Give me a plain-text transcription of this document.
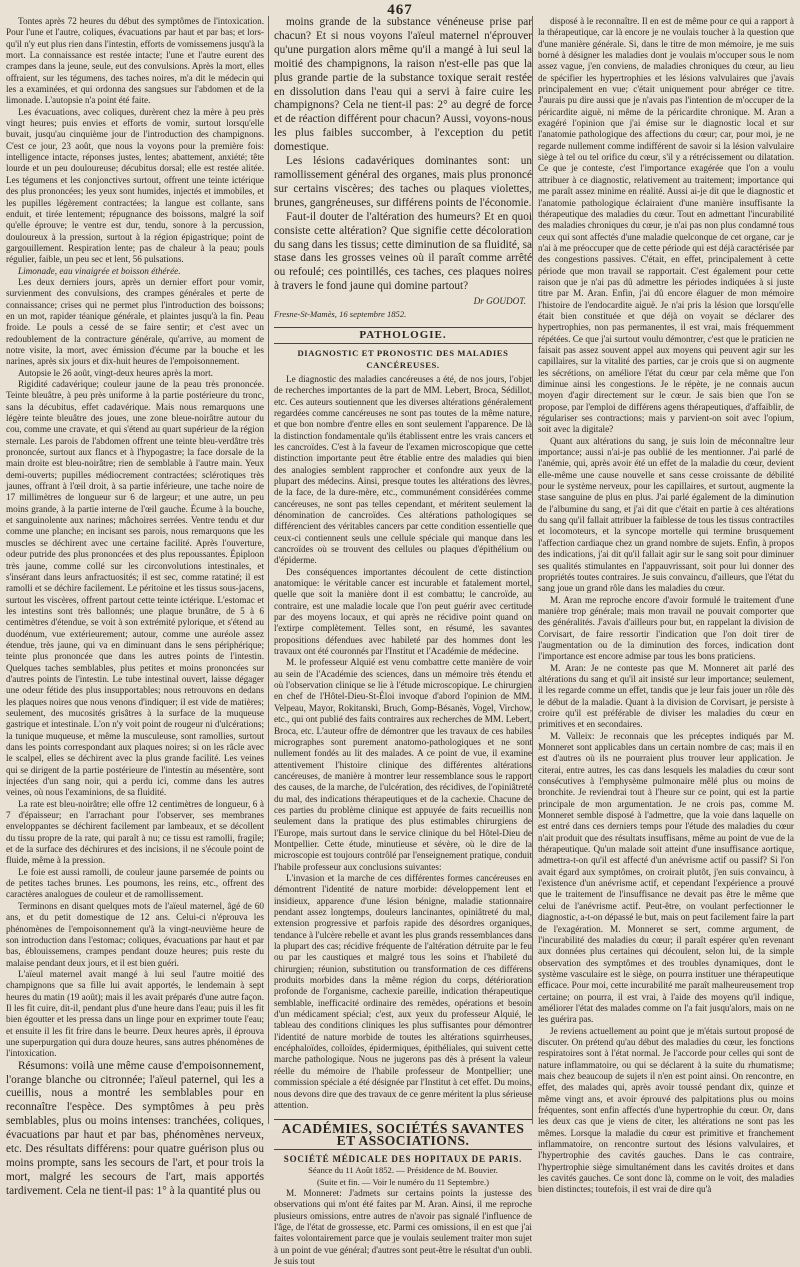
467

Tontes après 72 heures du début des symptômes de l'intoxication. Pour l'une et l'autre, coliques, évacuations par haut et par bas; et lors-qu'il n'y eut plus rien dans l'intestin, efforts de vomissemens jusqu'à la mort. La connaissance est restée intacte; l'une et l'autre eurent des crampes dans la jeune, seule, eut des convulsions. Après la mort, elles offraient, sur les tégumens, des taches noires, m'a dit le médecin qui les a examinées, et qui ordonna des sangsues sur l'abdomen et de la limonade. L'autopsie n'a point été faite.

Les évacuations, avec coliques, durèrent chez la mère à peu près vingt heures; puis envies et efforts de vomir, surtout lorsqu'elle buvait, jusqu'au cinquième jour de l'introduction des champignons. C'est ce jour, 23 août, que nous la voyons pour la première fois: intelligence intacte, réponses justes, lentes; abattement, anxiété; tête lourde et un peu douloureuse; décubitus dorsal; elle est restée alitée. Les tégumens et les conjonctives surtout, offrent une teinte ictérique des plus prononcées; les yeux sont humides, injectés et immobiles, et les pupilles légèrement contractées; la langue est collante, sans enduit, et tirée lentement; répugnance des boissons, malgré la soif qu'elle éprouve; le ventre est dur, tendu, sonore à la percussion, douloureux à la pression, surtout à la région épigastrique; point de gargouillement. Respiration lente; pas de chaleur à la peau; pouls régulier, faible, un peu sec et lent, 56 pulsations.

Limonade, eau vinaigrée et boisson éthérée.

Les deux derniers jours, après un dernier effort pour vomir, survienment des convulsions, des crampes générales et perte de connaissance; crises qui ne permet plus l'introduction des boissons; en un mot, rapider téanique générale, et plaintes jusqu'à la fin. Peau froide. Le pouls a cessé de se faire sentir; et c'est avec un redoublement de la contracture générale, qu'arrive, au moment de notre visite, la mort, avec émission d'écume par la bouche et les narines, après six jours et dix-huit heures de l'empoisonnement.

Autopsie le 26 août, vingt-deux heures après la mort.

Rigidité cadavérique; couleur jaune de la peau très prononcée. Teinte bleuâtre, à peu près uniforme à la partie postérieure du tronc, sans la décubitus, effet cadavérique. Mais nous remarquons une légère teinte bleuâtre des joues, une zone bleue-noirâtre autour du cou, comme une cravate, et qui s'étend au quart supérieur de la région sternale. Les parois de l'abdomen offrent une teinte bleu-verdâtre très prononcée, surtout aux flancs et à l'hypogastre; la face dorsale de la main droite est bleu-noirâtre; rien de semblable à l'autre main. Yeux demi-ouverts; pupilles médiocrement contractées; sclérotiques très jaunes, offrant à l'œil droit, à sa partie inférieure, une tache noire de 17 millimètres de longueur sur 6 de largeur; et une autre, un peu moins grande, à la partie interne de l'œil gauche. Écume à la bouche, et sanguinolente aux narines; mâchoires serrées. Ventre tendu et dur comme une planche; en incisant ses parois, nous remarquons que les muscles se déchirent avec une certaine facilité. Après l'ouverture, odeur putride des plus prononcées et des plus repoussantes. Épiploon très jaune, comme collé sur les circonvolutions intestinales, et s'insérant dans leurs anfractuosités; il est sec, comme ratatiné; il est ramolli et se déchire facilement. Le péritoine et les tissus sous-jacens, surtout les viscères, offrent partout cette teinte ictérique. L'estomac et les intestins sont très ballonnés; une plaque brunâtre, de 5 à 6 centimètres d'étendue, se voit à son extrémité pylorique, et s'étend au duodénum, vue extérieurement; autour, comme une auréole assez étendue, très jaune, qui va en diminuant dans le sens périphérique; teinte plus prononcée que dans les autres points de l'intestin. Quelques taches semblables, plus petites et moins prononcées sur d'autres points de l'intestin. Le tube intestinal ouvert, laisse dégager une odeur fétide des plus insupportables; nous retrouvons en dedans les plaques noires que nous venons d'indiquer; il est vide de matières; seulement, des mucosités grisâtres à la surface de la muqueuse gastrique et intestinale. L'on n'y voit point de rougeur ni d'ulcérations; la tunique muqueuse, et même la musculeuse, sont ramollies, surtout dans les points correspondant aux plaques noires; si on les râcle avec le scalpel, elles se déchirent avec la plus grande facilité. Les veines qui se dirigent de la partie postérieure de l'intestin au mésentère, sont injectées d'un sang noir, qui a perdu ici, comme dans les autres veines, où nous l'examinions, de sa fluidité.

La rate est bleu-noirâtre; elle offre 12 centimètres de longueur, 6 à 7 d'épaisseur; en l'arrachant pour l'observer, ses membranes enveloppantes se déchirent facilement par lambeaux, et se décollent du tissu propre de la rate, qui paraît à nu; ce tissu est ramolli, fragile; et de la surface des déchirures et des incisions, il ne s'écoule point de fluide, même à la pression.

Le foie est aussi ramolli, de couleur jaune parsemée de points ou de petites taches brunes. Les poumons, les reins, etc., offrent des caractères analogues de couleur et de ramollissement.

Terminons en disant quelques mots de l'aïeul maternel, âgé de 60 ans, et du petit domestique de 12 ans. Celui-ci n'éprouva les phénomènes de l'empoisonnement qu'à la vingt-neuvième heure de son introduction dans l'estomac; coliques, évacuations par haut et par bas, éblouissemens, crampes pendant douze heures; puis reste du malaise pendant deux jours, et il est bien guéri.

L'aïeul maternel avait mangé à lui seul l'autre moitié des champignons que sa fille lui avait apportés, le lendemain à sept heures du matin (19 août); mais il les avait préparés d'une autre façon. Il les fit cuire, dit-il, pendant plus d'une heure dans l'eau; puis il les fit bien égoutter et les pressa dans un linge pour en exprimer toute l'eau; et ensuite il les fit frire dans le beurre. Deux heures après, il éprouva une superpurgation qui dura douze heures, sans autres phénomènes de l'intoxication.

Résumons: voilà une même cause d'empoisonnement, l'orange blanche ou citronnée; l'aïeul paternel, qui les a cueillis, nous a montré les semblables pour en reconnaître l'espèce. Des symptômes à peu près semblables, plus ou moins intenses: tranchées, coliques, évacuations par haut et par bas, phénomènes nerveux, etc. Des résultats différens: pour quatre guérison plus ou moins prompte, sans les secours de l'art, et pour trois la mort, malgré les secours de l'art, mais apportés tardivement. Cela ne tient-il pas: 1° à la quantité plus ou

moins grande de la substance vénéneuse prise par chacun? Et si nous voyons l'aïeul maternel n'éprouver qu'une purgation alors même qu'il a mangé à lui seul la moitié des champignons, la raison n'est-elle pas que la plus grande partie de la substance toxique serait restée en dissolution dans l'eau qui a servi à faire cuire les champignons? Cela ne tient-il pas: 2° au degré de force et de réaction différent pour chacun? Aussi, voyons-nous les plus faibles succomber, à l'exception du petit domestique.

Les lésions cadavériques dominantes sont: un ramollissement général des organes, mais plus prononcé sur certains viscères; des taches ou plaques violettes, brunes, gangréneuses, sur différens points de l'économie.

Faut-il douter de l'altération des humeurs? Et en quoi consiste cette altération? Que signifie cette décoloration du sang dans les tissus; cette diminution de sa fluidité, sa stase dans les grosses veines où il paraît comme arrêté ou refoulé; ces pointillés, ces taches, ces plaques noires à travers le fond jaune qui domine partout?

Dr GOUDOT.
Fresne-St-Mamès, 16 septembre 1852.
PATHOLOGIE.
DIAGNOSTIC ET PRONOSTIC DES MALADIES CANCÉREUSES.

Le diagnostic des maladies cancéreuses a été, de nos jours, l'objet de recherches importantes de la part de MM. Lebert, Broca, Sédillot, etc. Ces auteurs soutiennent que les diverses altérations généralement regardées comme cancéreuses ne sont pas toutes de la même nature, et que bon nombre d'entre elles en sont seulement l'apparence. De là la distinction fondamentale qu'ils établissent entre les vrais cancers et les cancroïdes. C'est à la faveur de l'examen microscopique que cette distinction importante peut être établie entre des maladies qui bien des analogies semblent rapprocher et confondre aux yeux de la plupart des médecins. Ainsi, presque toutes les altérations des lèvres, de la face, de la dure-mère, etc., communément considérées comme cancéreuses, ne sont pas telles cependant, et méritent seulement la dénomination de cancroïdes. Ces altérations pathologiques se différencient des véritables cancers par cette condition essentielle que ceux-ci contiennent seuls une cellule spéciale qui manque dans les cancroïdes où se trouvent des cellules ou plaques d'épithélium ou d'épiderme.

Des conséquences importantes découlent de cette distinction anatomique: le véritable cancer est incurable et fatalement mortel, quelle que soit la manière dont il est combattu; le cancroïde, au contraire, est une maladie locale que l'on peut guérir avec certitude par des moyens locaux, et qui après ne récidive point quand on l'extirpe complètement. Telles sont, en résumé, les savantes propositions défendues avec habileté par des hommes dont les travaux ont été couronnés par l'Institut et l'Académie de médecine.

M. le professeur Alquié est venu combattre cette manière de voir au sein de l'Académie des sciences, dans un mémoire très étendu et où l'observation clinique se lie à l'étude microscopique. Le chirurgien en chef de l'Hôtel-Dieu-St-Éloi invoque d'abord l'opinion de MM. Velpeau, Mayor, Rokitanski, Bruch, Gomp-Bésanès, Vogel, Virchow, etc., qui ont publié des faits contraires aux recherches de MM. Lebert, Broca, etc. L'auteur offre de démontrer que les travaux de ces habiles micrographes sont purement anatomo-pathologiques et ne sont nullement fondés au lit des malades. A ce point de vue, il examine attentivement l'histoire clinique des différentes altérations cancéreuses, de manière à montrer leur ressemblance sous le rapport des causes, de la marche, de l'ulcération, des récidives, de l'opiniâtreté du mal, des indications thérapeutiques et de la cachexie. Chacune de ces parties du problème clinique est appuyée de faits recueillis non seulement dans la pratique des plus estimables chirurgiens de l'Europe, mais surtout dans le service clinique du bel Hôtel-Dieu de Montpellier. Cette étude, minutieuse et sévère, où le dire de la microscopie est toujours contrôlé par l'enseignement pratique, conduit l'habile professeur aux conclusions suivantes:

L'invasion et la marche de ces différentes formes cancéreuses en démontrent l'identité de nature morbide: développement lent et insidieux, apparence d'une lésion bénigne, maladie stationnaire pendant assez longtemps, douleurs lancinantes, opiniâtreté du mal, extension progressive et parfois rapide des désordres organiques, tendance à l'ulcère rebelle et avant les plus grands ressemblances dans la plupart des cas; récidive fréquente de l'altération détruite par le feu ou par les caustiques et malgré tous les soins et l'habileté du chirurgien; réunion, substitution ou transformation de ces différens produits morbides dans la même région du corps, détérioration profonde de l'organisme, cachexie pareille, indication thérapeutique semblable, inefficacité ordinaire des remèdes, opérations et besoin d'un médicament spécial; c'est, aux yeux du professeur Alquié, le tableau des conditions cliniques les plus suffisantes pour démontrer l'identité de nature morbide de toutes les altérations squirrheuses, encéphaloïdes, colloïdes, épidermiques, épithéliales, qui suivent cette marche pathologique. Nous ne jugerons pas dès à présent la valeur réelle du mémoire de l'habile professeur de Montpellier; une commission spéciale a été désignée par l'Institut à cet effet. Du moins, nous devons dire que des travaux de ce genre méritent la plus sérieuse attention.

ACADÉMIES, SOCIÉTÉS SAVANTES ET ASSOCIATIONS.
SOCIÉTÉ MÉDICALE DES HOPITAUX DE PARIS.
Séance du 11 Août 1852. — Présidence de M. Bouvier.
(Suite et fin. — Voir le numéro du 11 Septembre.)

M. Monneret: J'admets sur certains points la justesse des observations qui m'ont été faites par M. Aran. Ainsi, il me reproche plusieurs omissions, entre autres de n'avoir pas signalé l'influence de l'âge, de l'état de grossesse, etc. Parmi ces omissions, il en est que j'ai faites volontairement parce que je voulais seulement traiter mon sujet à un point de vue général; d'autres sont peut-être le résultat d'un oubli. Je suis tout

disposé à le reconnaître. Il en est de même pour ce qui a rapport à la thérapeutique, car là encore je ne voulais toucher à la question que d'une manière générale. Si, dans le titre de mon mémoire, je me suis borné à désigner les maladies dont je voulais m'occuper sous le nom assez vague, j'en conviens, de maladies chroniques du cœur, au lieu de spécifier les hypertrophies et les lésions valvulaires que j'avais principalement en vue; c'était uniquement pour abréger ce titre. J'aurais pu dire aussi que je n'avais pas l'intention de m'occuper de la péricardite aiguë, ni même de la péricardite chronique. M. Aran a exagéré l'opinion que j'ai émise sur le diagnostic local et sur l'anatomie pathologique des affections du cœur; car, pour moi, je ne regarde nullement comme indifférent de savoir si la lésion valvulaire siège à tel ou tel orifice du cœur, s'il y a rétrécissement ou dilatation. Ce que je conteste, c'est l'importance exagérée que l'on a voulu attribuer à ce diagnostic, relativement au traitement; importance qui me paraît assez minime en réalité. Aussi ai-je dit que le diagnostic et l'anatomie pathologique éclairaient d'une manière insuffisante la thérapeutique des maladies du cœur. Tout en admettant l'incurabilité des maladies chroniques du cœur, je n'ai pas non plus condamné tous ceux qui sont affectés d'une maladie quelconque de cet organe, car je n'ai à me préoccuper que de cette période qui est déjà caractérisée par des congestions passives. C'était, en effet, principalement à cette période que mon travail se rapportait. C'est également pour cette raison que je n'ai pas dû admettre les périodes indiquées à si juste titre par M. Aran. Enfin, j'ai dû encore élaguer de mon mémoire l'histoire de l'endocardite aiguë. Je n'ai pris la lésion que lorsqu'elle était bien constituée et que déjà on voyait se déclarer des hypertrophies, non pas permanentes, il est vrai, mais fréquemment répétées. Ce que j'ai surtout voulu démontrer, c'est que le praticien ne faisait pas assez souvent appel aux moyens qui peuvent agir sur les capillaires, sur la vitalité des parties, car je crois que si on augmente les sécrétions, on améliore l'état du cœur par cela même que l'on diminue ainsi les congestions. Je le répète, je ne connais aucun moyen d'agir directement sur le cœur. Je sais bien que l'on se propose, par l'emploi de différens agens thérapeutiques, d'affaiblir, de régulariser ses contractions; mais y parvient-on soit avec l'opium, soit avec la digitale?

Quant aux altérations du sang, je suis loin de méconnaître leur importance; aussi n'ai-je pas oublié de les mentionner. J'ai parlé de l'anémie, qui, après avoir été un effet de la maladie du cœur, devient elle-même une cause nouvelle et sans cesse croissante de débilité pour le système nerveux, pour les capillaires, et surtout, augmente la stase sanguine de plus en plus. J'ai parlé également de la diminution de l'albumine du sang, et j'ai dit que c'était en partie à ces altérations du sang qu'il fallait attribuer la faiblesse de tous les tissus contractiles et locomoteurs, et la syncope mortelle qui termine brusquement l'affection cardiaque chez un grand nombre de sujets. Enfin, à propos des indications, j'ai dit qu'il fallait agir sur le sang soit pour diminuer ses qualités stimulantes en l'appauvrissant, soit pour lui donner des propriétés toutes contraires. Je suis convaincu, d'ailleurs, que l'état du sang joue un grand rôle dans les maladies du cœur.

M. Aran me reproche encore d'avoir formulé le traitement d'une manière trop générale; mais mon travail ne pouvait comporter que des généralités. J'avais d'ailleurs pour but, en rappelant la division de Corvisart, de faire ressortir l'indication que l'on doit tirer de l'augmentation ou de la diminution des forces, indication dont l'importance est encore admise par tous les bons praticiens.

M. Aran: Je ne conteste pas que M. Monneret ait parlé des altérations du sang et qu'il ait insisté sur leur importance; seulement, il les regarde comme un effet, tandis que je leur fais jouer un rôle dès le début de la maladie. Quant à la division de Corvisart, je persiste à croire qu'il est préférable de diviser les maladies du cœur en primitives et en secondaires.

M. Valleix: Je reconnais que les préceptes indiqués par M. Monneret sont applicables dans un certain nombre de cas; mais il en est d'autres où ils ne pourraient plus trouver leur application. Je citerai, entre autres, les cas dans lesquels les maladies du cœur sont consécutives à l'emphysème pulmonaire mêlé plus ou moins de bronchite. Je reviendrai tout à l'heure sur ce point, qui est la partie principale de mon argumentation. Je ne crois pas, comme M. Monneret semble disposé à l'admettre, que la voie dans laquelle on est entré dans ces derniers temps pour l'étude des maladies du cœur n'ait produit que des résultats insuffisans, même au point de vue de la thérapeutique. Qu'un malade soit atteint d'une insuffisance aortique, admettra-t-on qu'il est affecté d'un anévrisme actif ou passif? Si l'on avait égard aux symptômes, on croirait plutôt, j'en suis convaincu, à l'existence d'un anévrisme actif, et cependant l'expérience a prouvé que le traitement de l'insuffisance ne devait pas être le même que celui de l'anévrisme actif. Peut-être, on voulant perfectionner le diagnostic, a-t-on dépassé le but, mais on peut facilement faire la part de l'exagération. M. Monneret se sert, comme argument, de l'incurabilité des maladies du cœur; il paraît espérer qu'en revenant aux données plus certaines qui découlent, selon lui, de la simple observation des symptômes et des troubles dynamiques, dont le système vasculaire est le siège, on pourra instituer une thérapeutique efficace. Pour moi, cette incurabilité me paraît malheureusement trop certaine; on pourra, il est vrai, à l'aide des moyens qu'il indique, améliorer l'état des malades comme on l'a fait jusqu'alors, mais on ne les guérira pas.

Je reviens actuellement au point que je m'étais surtout proposé de discuter. On prétend qu'au début des maladies du cœur, les fonctions respiratoires sont à l'état normal. Je l'accorde pour celles qui sont de nature inflammatoire, ou qui se déclarent à la suite du rhumatisme; mais chez beaucoup de sujets il n'en est point ainsi. On rencontre, en effet, des malades qui, après avoir toussé pendant dix, quinze et même vingt ans, et avoir éprouvé des palpitations plus ou moins fréquentes, sont enfin affectés d'une hypertrophie du cœur. Or, dans les deux cas que je viens de citer, les altérations ne sont pas les mêmes. Lorsque la maladie du cœur est primitive et franchement inflammatoire, on rencontre surtout des lésions valvulaires, et l'hypertrophie des cavités gauches. Dans le cas contraire, l'hypertrophie siège simultanément dans les cavités droites et dans les cavités gauches. Ce sont donc là, comme on le voit, des maladies bien distinctes; toutefois, il est vrai de dire qu'à
